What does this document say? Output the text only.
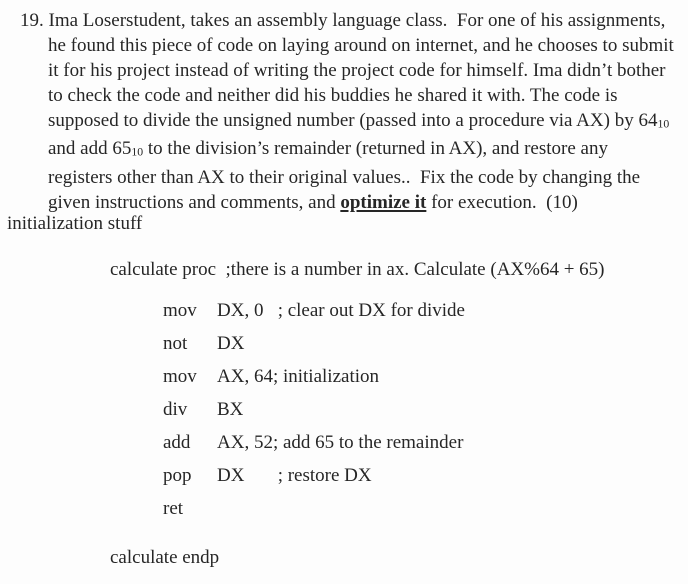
19. Ima Loserstudent, takes an assembly language class.  For one of his assignments,
he found this piece of code on laying around on internet, and he chooses to submit
it for his project instead of writing the project code for himself. Ima didn’t bother
to check the code and neither did his buddies he shared it with. The code is
supposed to divide the unsigned number (passed into a procedure via AX) by 6410
and add 6510 to the division’s remainder (returned in AX), and restore any
registers other than AX to their original values..  Fix the code by changing the
given instructions and comments, and optimize it for execution.  (10)
initialization stuff
calculate proc  ;there is a number in ax. Calculate (AX%64 + 65)
mov DX, 0   ; clear out DX for divide
not DX
mov AX, 64; initialization
div BX
add AX, 52; add 65 to the remainder
pop DX       ; restore DX
ret
calculate endp
